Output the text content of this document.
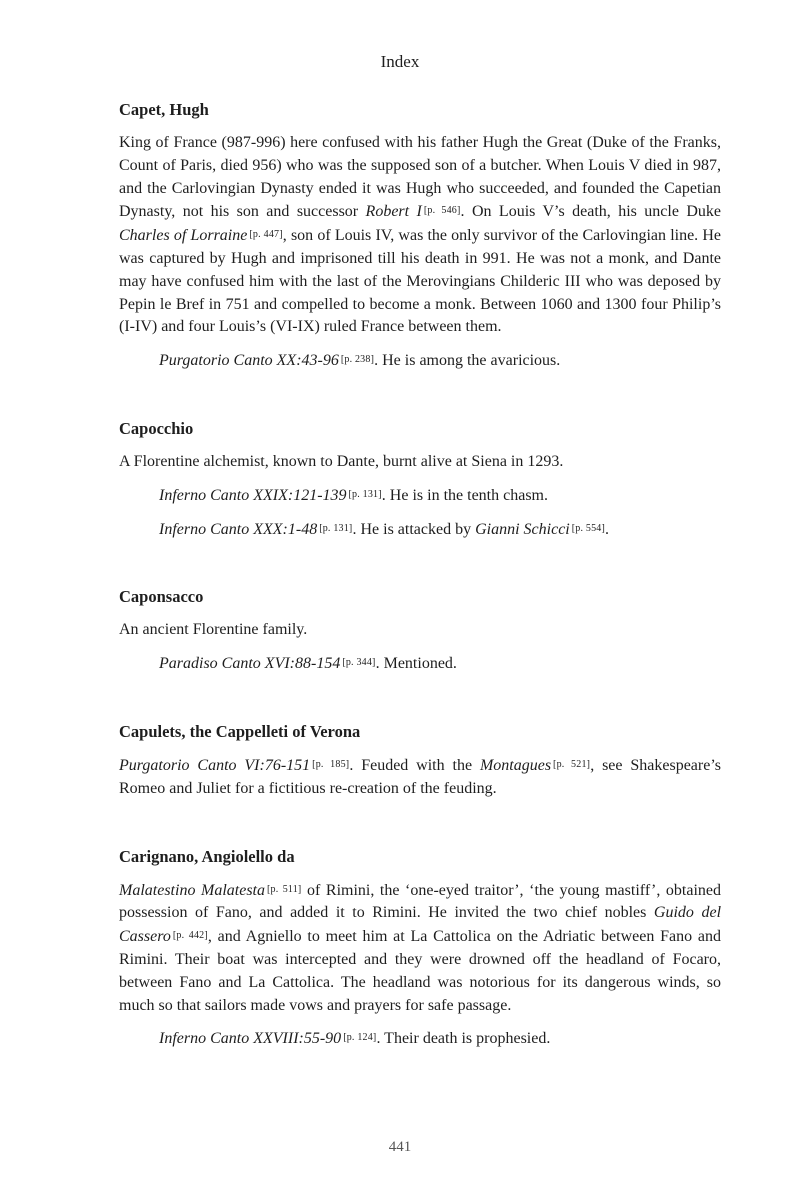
Index
Capet, Hugh

King of France (987-996) here confused with his father Hugh the Great (Duke of the Franks, Count of Paris, died 956) who was the supposed son of a butcher. When Louis V died in 987, and the Carlovingian Dynasty ended it was Hugh who succeeded, and founded the Capetian Dynasty, not his son and successor Robert I [p. 546]. On Louis V’s death, his uncle Duke Charles of Lorraine [p. 447], son of Louis IV, was the only survivor of the Carlovingian line. He was captured by Hugh and imprisoned till his death in 991. He was not a monk, and Dante may have confused him with the last of the Merovingians Childeric III who was deposed by Pepin le Bref in 751 and compelled to become a monk. Between 1060 and 1300 four Philip’s (I-IV) and four Louis’s (VI-IX) ruled France between them.

Purgatorio Canto XX:43-96 [p. 238]. He is among the avaricious.

Capocchio

A Florentine alchemist, known to Dante, burnt alive at Siena in 1293.

Inferno Canto XXIX:121-139 [p. 131]. He is in the tenth chasm.

Inferno Canto XXX:1-48 [p. 131]. He is attacked by Gianni Schicci [p. 554].

Caponsacco

An ancient Florentine family.

Paradiso Canto XVI:88-154 [p. 344]. Mentioned.

Capulets, the Cappelleti of Verona

Purgatorio Canto VI:76-151 [p. 185]. Feuded with the Montagues [p. 521], see Shakespeare’s Romeo and Juliet for a fictitious re-creation of the feuding.

Carignano, Angiolello da

Malatestino Malatesta [p. 511] of Rimini, the ‘one-eyed traitor’, ‘the young mastiff’, obtained possession of Fano, and added it to Rimini. He invited the two chief nobles Guido del Cassero [p. 442], and Agniello to meet him at La Cattolica on the Adriatic between Fano and Rimini. Their boat was intercepted and they were drowned off the headland of Focaro, between Fano and La Cattolica. The headland was notorious for its dangerous winds, so much so that sailors made vows and prayers for safe passage.

Inferno Canto XXVIII:55-90 [p. 124]. Their death is prophesied.

441
